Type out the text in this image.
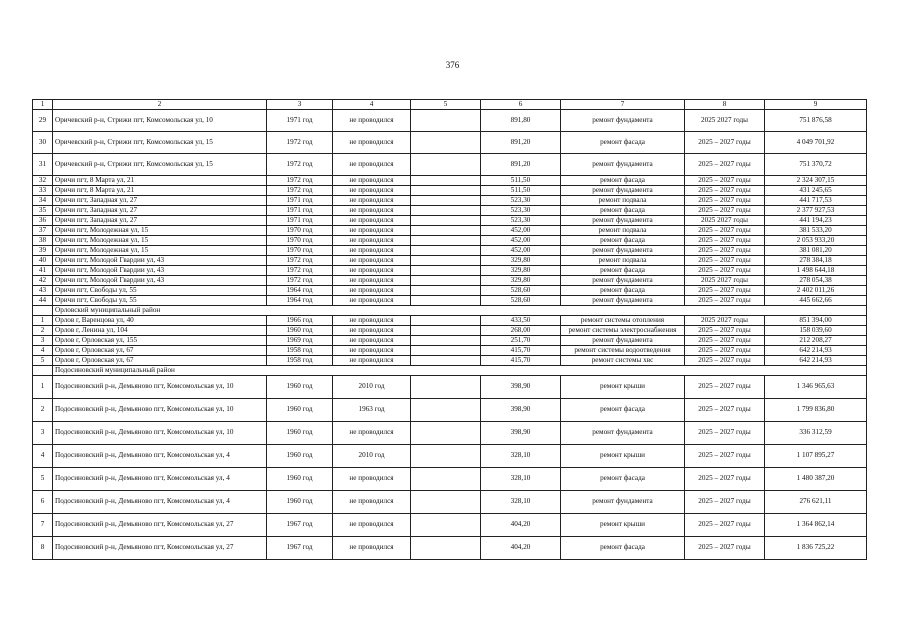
376
1	2	3	4	5	6	7	8	9
29	Оричевский р-н, Стрижи пгт, Комсомольская ул, 10	1971 год	не проводился		891,80	ремонт фундамента	2025 2027 годы	751 876,58
30	Оричевский р-н, Стрижи пгт, Комсомольская ул, 15	1972 год	не проводился		891,20	ремонт фасада	2025 – 2027 годы	4 049 701,92
31	Оричевский р-н, Стрижи пгт, Комсомольская ул, 15	1972 год	не проводился		891,20	ремонт фундамента	2025 – 2027 годы	751 370,72
32	Оричи пгт, 8 Марта ул, 21	1972 год	не проводился		511,50	ремонт фасада	2025 – 2027 годы	2 324 307,15
33	Оричи пгт, 8 Марта ул, 21	1972 год	не проводился		511,50	ремонт фундамента	2025 – 2027 годы	431 245,65
34	Оричи пгт, Западная ул, 27	1971 год	не проводился		523,30	ремонт подвала	2025 – 2027 годы	441 717,53
35	Оричи пгт, Западная ул, 27	1971 год	не проводился		523,30	ремонт фасада	2025 – 2027 годы	2 377 927,53
36	Оричи пгт, Западная ул, 27	1971 год	не проводился		523,30	ремонт фундамента	2025 2027 годы	441 194,23
37	Оричи пгт, Молодежная ул, 15	1970 год	не проводился		452,00	ремонт подвала	2025 – 2027 годы	381 533,20
38	Оричи пгт, Молодежная ул, 15	1970 год	не проводился		452,00	ремонт фасада	2025 – 2027 годы	2 053 933,20
39	Оричи пгт, Молодежная ул, 15	1970 год	не проводился		452,00	ремонт фундамента	2025 – 2027 годы	381 081,20
40	Оричи пгт, Молодой Гвардии ул, 43	1972 год	не проводился		329,80	ремонт подвала	2025 – 2027 годы	278 384,18
41	Оричи пгт, Молодой Гвардии ул, 43	1972 год	не проводился		329,80	ремонт фасада	2025 – 2027 годы	1 498 644,18
42	Оричи пгт, Молодой Гвардии ул, 43	1972 год	не проводился		329,80	ремонт фундамента	2025 2027 годы	278 054,38
43	Оричи пгт, Свободы ул, 55	1964 год	не проводился		528,60	ремонт фасада	2025 – 2027 годы	2 402 011,26
44	Оричи пгт, Свободы ул, 55	1964 год	не проводился		528,60	ремонт фундамента	2025 – 2027 годы	445 662,66
	Орловский муниципальный район							
1	Орлов г, Варенцова ул, 40	1966 год	не проводился		433,50	ремонт системы отопления	2025 2027 годы	851 394,00
2	Орлов г, Ленина ул, 104	1960 год	не проводился		268,00	ремонт системы электроснабжения	2025 – 2027 годы	158 039,60
3	Орлов г, Орловская ул, 155	1969 год	не проводился		251,70	ремонт фундамента	2025 – 2027 годы	212 208,27
4	Орлов г, Орловская ул, 67	1958 год	не проводился		415,70	ремонт системы водоотведения	2025 – 2027 годы	642 214,93
5	Орлов г, Орловская ул, 67	1958 год	не проводился		415,70	ремонт системы хвс	2025 – 2027 годы	642 214,93
	Подосиновский муниципальный район							
1	Подосиновский р-н, Демьяново пгт, Комсомольская ул, 10	1960 год	2010 год		398,90	ремонт крыши	2025 – 2027 годы	1 346 965,63
2	Подосиновский р-н, Демьяново пгт, Комсомольская ул, 10	1960 год	1963 год		398,90	ремонт фасада	2025 – 2027 годы	1 799 836,80
3	Подосиновский р-н, Демьяново пгт, Комсомольская ул, 10	1960 год	не проводился		398,90	ремонт фундамента	2025 – 2027 годы	336 312,59
4	Подосиновский р-н, Демьяново пгт, Комсомольская ул, 4	1960 год	2010 год		328,10	ремонт крыши	2025 – 2027 годы	1 107 895,27
5	Подосиновский р-н, Демьяново пгт, Комсомольская ул, 4	1960 год	не проводился		328,10	ремонт фасада	2025 – 2027 годы	1 480 387,20
6	Подосиновский р-н, Демьяново пгт, Комсомольская ул, 4	1960 год	не проводился		328,10	ремонт фундамента	2025 – 2027 годы	276 621,11
7	Подосиновский р-н, Демьяново пгт, Комсомольская ул, 27	1967 год	не проводился		404,20	ремонт крыши	2025 – 2027 годы	1 364 862,14
8	Подосиновский р-н, Демьяново пгт, Комсомольская ул, 27	1967 год	не проводился		404,20	ремонт фасада	2025 – 2027 годы	1 836 725,22
